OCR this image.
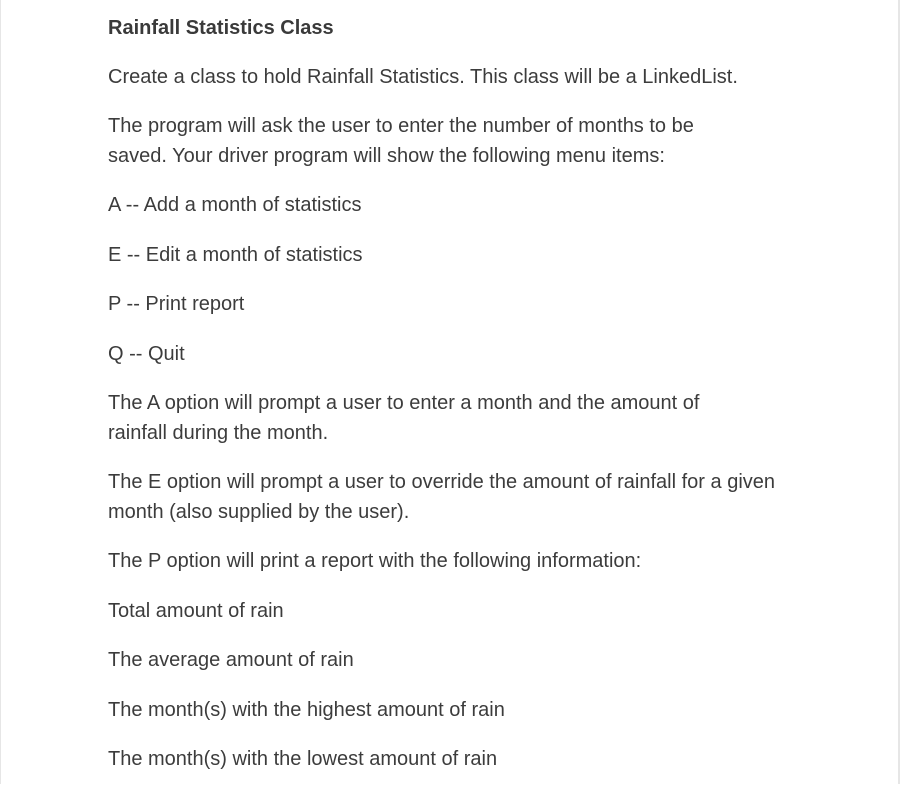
Rainfall Statistics Class

Create a class to hold Rainfall Statistics. This class will be a LinkedList.

The program will ask the user to enter the number of months to be saved. Your driver program will show the following menu items:

A -- Add a month of statistics

E -- Edit a month of statistics

P -- Print report

Q -- Quit

The A option will prompt a user to enter a month and the amount of rainfall during the month.

The E option will prompt a user to override the amount of rainfall for a given month (also supplied by the user).

The P option will print a report with the following information:

Total amount of rain

The average amount of rain

The month(s) with the highest amount of rain

The month(s) with the lowest amount of rain
